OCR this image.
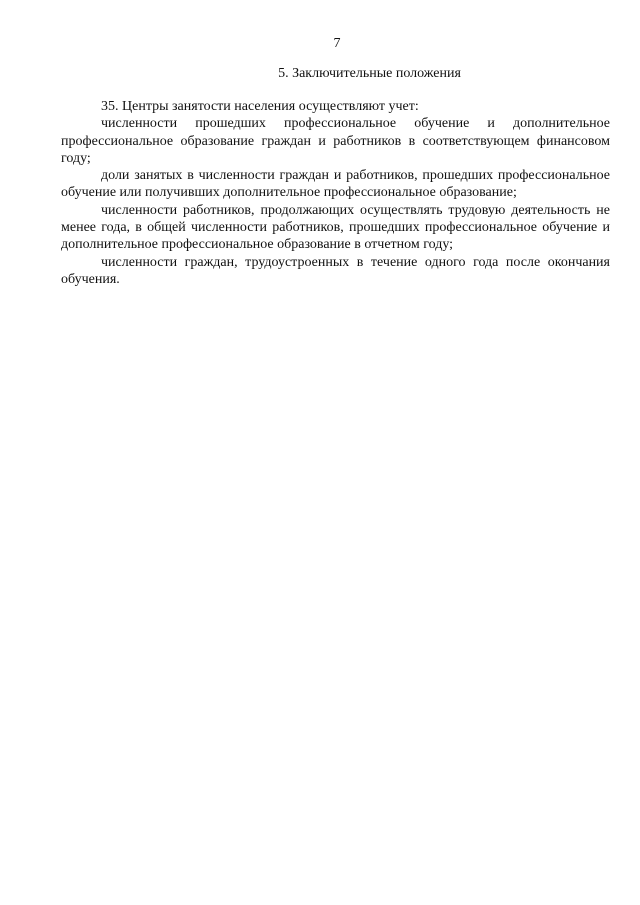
7
5. Заключительные положения

35. Центры занятости населения осуществляют учет:

численности прошедших профессиональное обучение и дополнительное профессиональное образование граждан и работников в соответствующем финансовом году;

доли занятых в численности граждан и работников, прошедших профессиональное обучение или получивших дополнительное профессиональное образование;

численности работников, продолжающих осуществлять трудовую деятельность не менее года, в общей численности работников, прошедших профессиональное обучение и дополнительное профессиональное образование в отчетном году;

численности граждан, трудоустроенных в течение одного года после окончания обучения.
